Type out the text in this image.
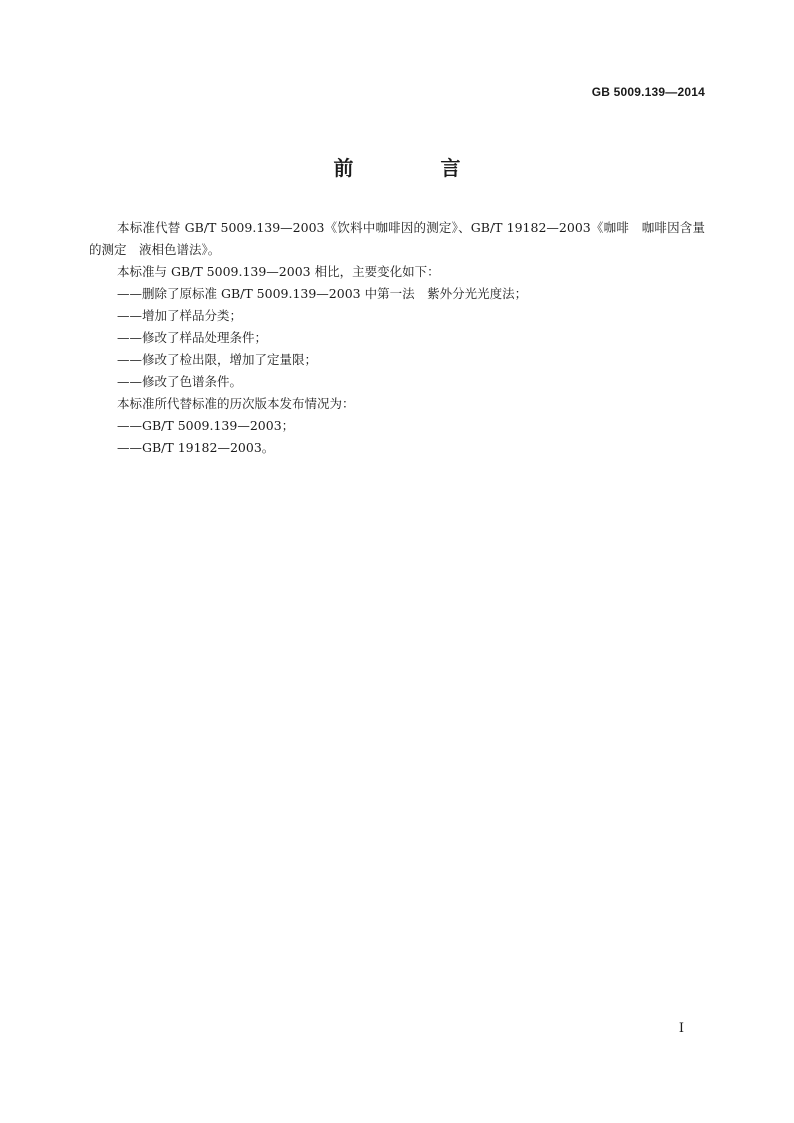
GB 5009.139—2014
前 言

本标准代替 GB/T 5009.139—2003《饮料中咖啡因的测定》、GB/T 19182—2003《咖啡　咖啡因含量的测定　液相色谱法》。

本标准与 GB/T 5009.139—2003 相比，主要变化如下：

——删除了原标准 GB/T 5009.139—2003 中第一法　紫外分光光度法；

——增加了样品分类；

——修改了样品处理条件；

——修改了检出限，增加了定量限；

——修改了色谱条件。

本标准所代替标准的历次版本发布情况为：

——GB/T 5009.139—2003；

——GB/T 19182—2003。

I
